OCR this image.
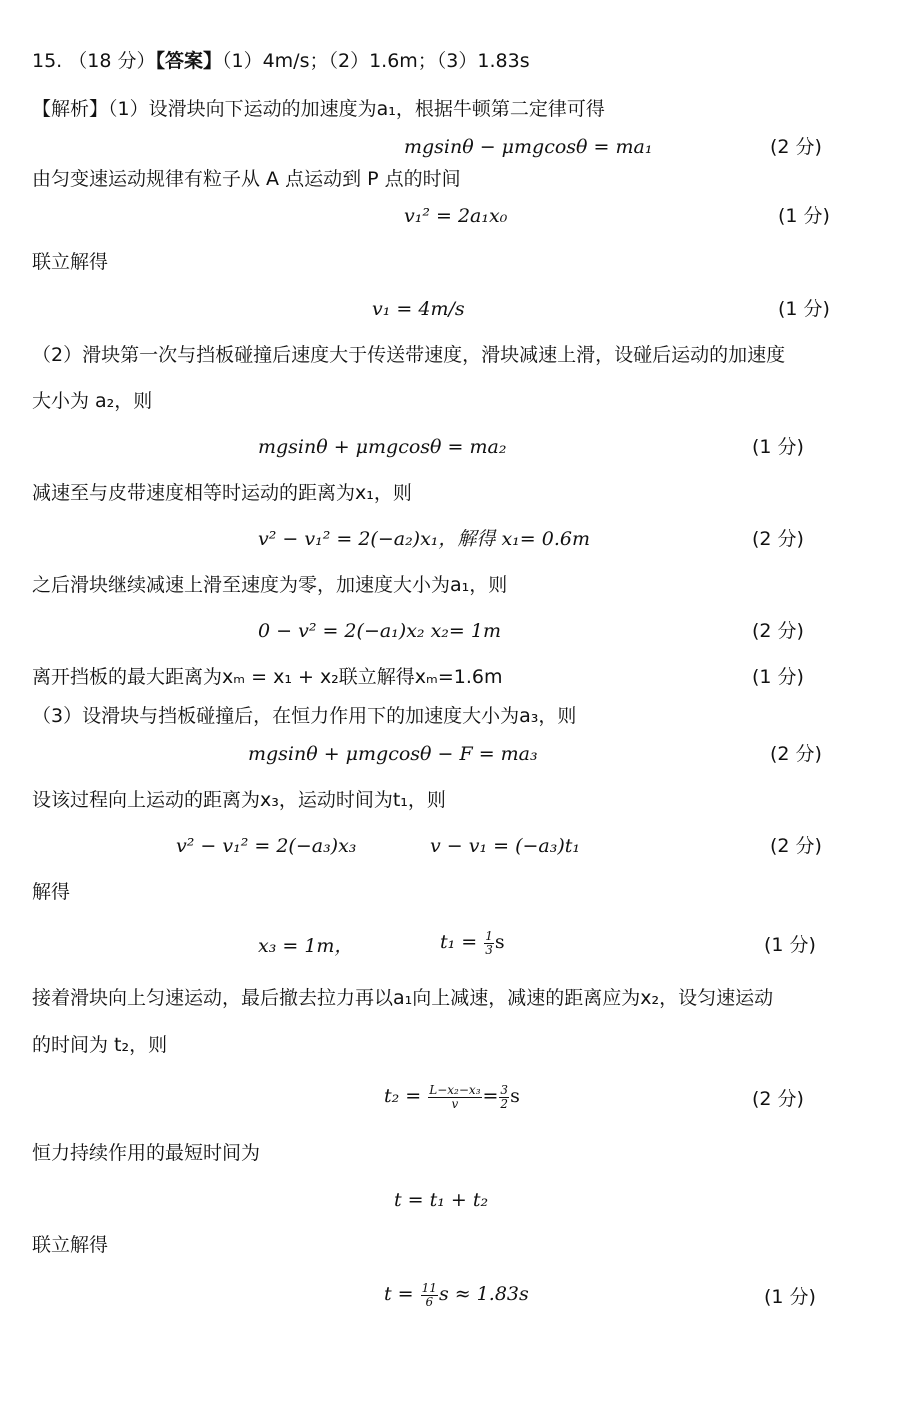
15. （18 分）【答案】（1）4m/s；（2）1.6m；（3）1.83s
【解析】（1）设滑块向下运动的加速度为a₁，根据牛顿第二定律可得
mgsinθ − μmgcosθ = ma₁	(2 分)
由匀变速运动规律有粒子从 A 点运动到 P 点的时间
v₁² = 2a₁x₀	(1 分)
联立解得
v₁ = 4m/s	(1 分)
（2）滑块第一次与挡板碰撞后速度大于传送带速度，滑块减速上滑，设碰后运动的加速度
大小为 a₂，则
mgsinθ + μmgcosθ = ma₂	(1 分)
减速至与皮带速度相等时运动的距离为x₁，则
v² − v₁² = 2(−a₂)x₁，解得 x₁= 0.6m	(2 分)
之后滑块继续减速上滑至速度为零，加速度大小为a₁，则
0 − v² = 2(−a₁)x₂ x₂= 1m	(2 分)
离开挡板的最大距离为xₘ = x₁ + x₂联立解得xₘ=1.6m	(1 分)
（3）设滑块与挡板碰撞后，在恒力作用下的加速度大小为a₃，则
mgsinθ + μmgcosθ − F = ma₃	(2 分)
设该过程向上运动的距离为x₃，运动时间为t₁，则
v² − v₁² = 2(−a₃)x₃	v − v₁ = (−a₃)t₁	(2 分)
解得
x₃ = 1m，	$t_1 = \frac{1}{3}$ s	(1 分)
接着滑块向上匀速运动，最后撤去拉力再以a₁向上减速，减速的距离应为x₂，设匀速运动
的时间为 t₂，则
$t_2 = \frac{\text{L−x₂−x₃}}{v} = \frac{3}{2}$ s	(2 分)
恒力持续作用的最短时间为
t = t₁ + t₂
联立解得
$t = \frac{11}{6}$ s ≈ 1.83s	(1 分)
